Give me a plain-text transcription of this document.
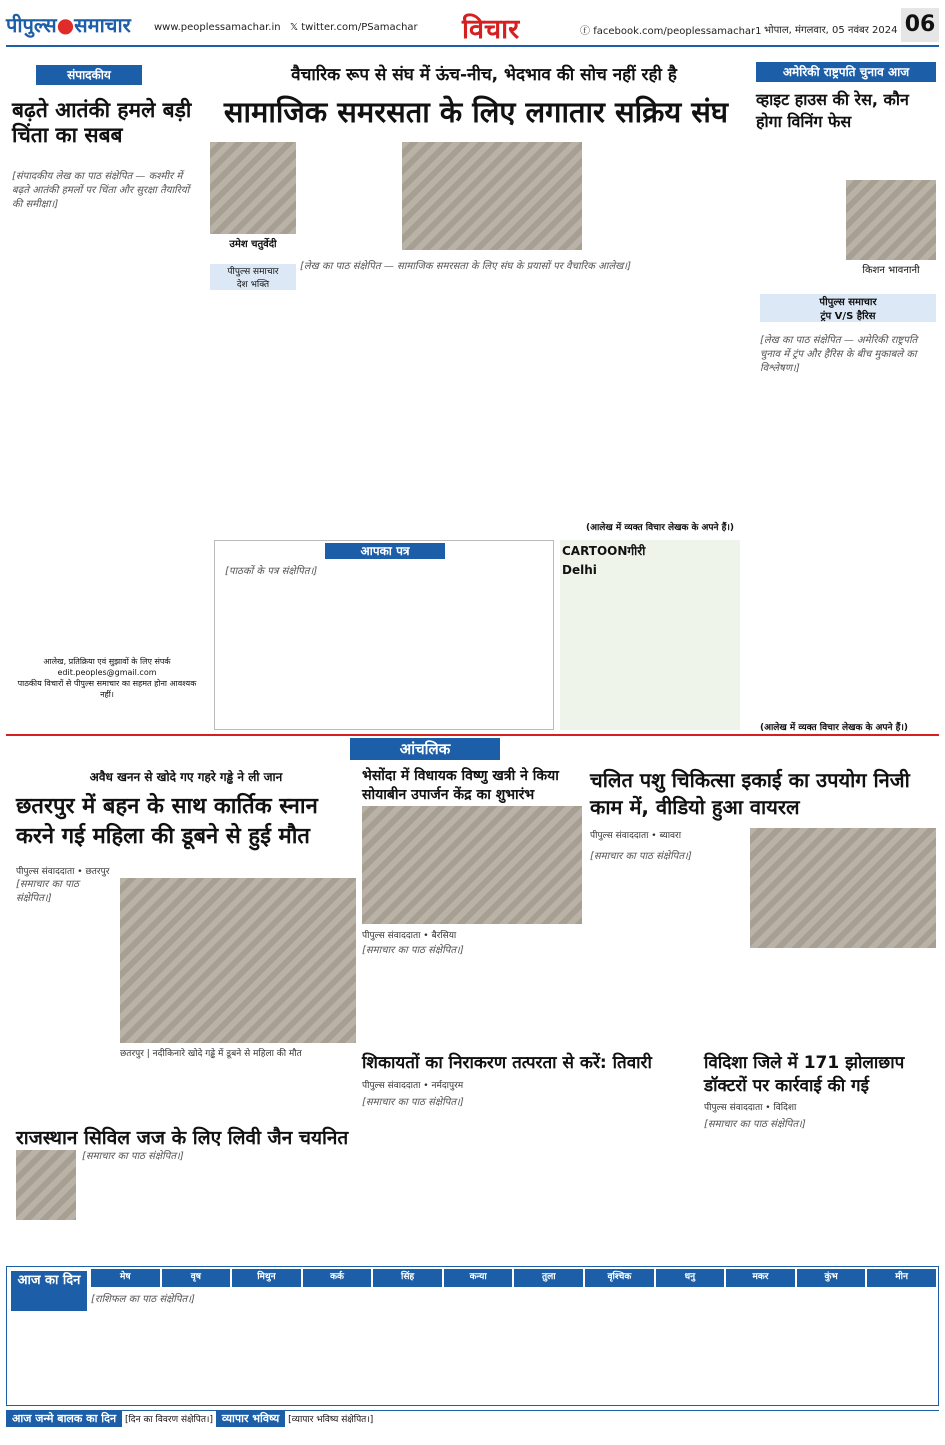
पीपुल्स●समाचार www.peoplessamachar.in 𝕏 twitter.com/PSamachar विचार	ⓕ facebook.com/peoplessamachar1 भोपाल, मंगलवार, 05 नवंबर 2024 06
संपादकीय
बढ़ते आतंकी हमले बड़ी चिंता का सबब
[संपादकीय लेख का पाठ संक्षेपित — कश्मीर में बढ़ते आतंकी हमलों पर चिंता और सुरक्षा तैयारियों की समीक्षा।]
आलेख, प्रतिक्रिया एवं सुझावों के लिए संपर्क
edit.peoples@gmail.com
पाठकीय विचारों से पीपुल्स समाचार का सहमत होना आवश्यक नहीं।
वैचारिक रूप से संघ में ऊंच-नीच, भेदभाव की सोच नहीं रही है
सामाजिक समरसता के लिए लगातार सक्रिय संघ
उमेश चतुर्वेदी
पीपुल्स समाचार
देश भक्ति
[लेख का पाठ संक्षेपित — सामाजिक समरसता के लिए संघ के प्रयासों पर वैचारिक आलेख।]
(आलेख में व्यक्त विचार लेखक के अपने हैं।)
आपका पत्र
[पाठकों के पत्र संक्षेपित।]
CARTOONगीरी
Delhi
अमेरिकी राष्ट्रपति चुनाव आज
व्हाइट हाउस की रेस, कौन होगा विनिंग फेस
किशन भावनानी
पीपुल्स समाचार
ट्रंप V/S हैरिस
[लेख का पाठ संक्षेपित — अमेरिकी राष्ट्रपति चुनाव में ट्रंप और हैरिस के बीच मुकाबले का विश्लेषण।]
(आलेख में व्यक्त विचार लेखक के अपने हैं।)
आंचलिक
अवैध खनन से खोदे गए गहरे गड्ढे ने ली जान
छतरपुर में बहन के साथ कार्तिक स्नान करने गई महिला की डूबने से हुई मौत
पीपुल्स संवाददाता • छतरपुर
छतरपुर | नदीकिनारे खोदे गड्ढे में डूबने से महिला की मौत
[समाचार का पाठ संक्षेपित।]
भेसोंदा में विधायक विष्णु खत्री ने किया सोयाबीन उपार्जन केंद्र का शुभारंभ
पीपुल्स संवाददाता • बैरसिया
[समाचार का पाठ संक्षेपित।]
चलित पशु चिकित्सा इकाई का उपयोग निजी काम में, वीडियो हुआ वायरल
पीपुल्स संवाददाता • ब्यावरा
[समाचार का पाठ संक्षेपित।]
शिकायतों का निराकरण तत्परता से करें: तिवारी
पीपुल्स संवाददाता • नर्मदापुरम
[समाचार का पाठ संक्षेपित।]
विदिशा जिले में 171 झोलाछाप डॉक्टरों पर कार्रवाई की गई
पीपुल्स संवाददाता • विदिशा
[समाचार का पाठ संक्षेपित।]
राजस्थान सिविल जज के लिए लिवी जैन चयनित
[समाचार का पाठ संक्षेपित।]
आज का दिन	मेष	वृष	मिथुन	कर्क	सिंह	कन्या	तुला	वृश्चिक	धनु	मकर	कुंभ	मीन
[राशिफल का पाठ संक्षेपित।]
आज जन्मे बालक का दिन [दिन का विवरण संक्षेपित।] व्यापार भविष्य [व्यापार भविष्य संक्षेपित।]
